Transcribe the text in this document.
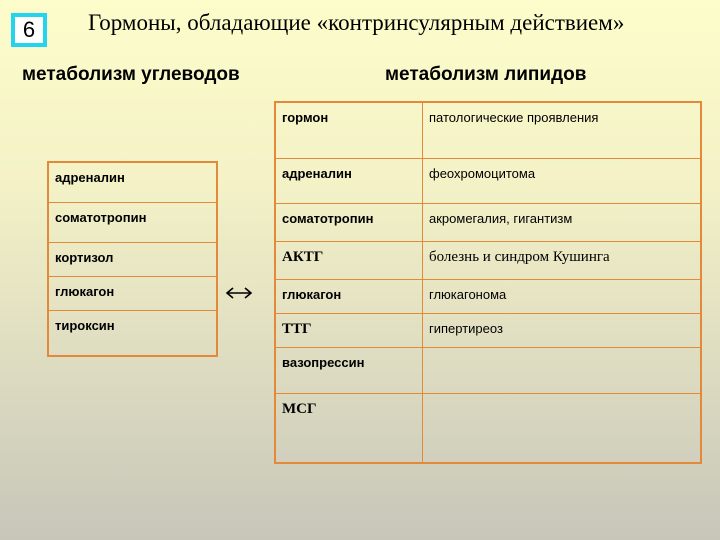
6	Гормоны, обладающие «контринсулярным действием»
метаболизм углеводов	метаболизм липидов
адреналин
соматотропин
кортизол
глюкагон
тироксин
гормон	патологические проявления
адреналин	феохромоцитома
соматотропин	акромегалия, гигантизм
АКТГ	болезнь и синдром Кушинга
глюкагон	глюкагонома
ТТГ	гипертиреоз
вазопрессин	
МСГ	
